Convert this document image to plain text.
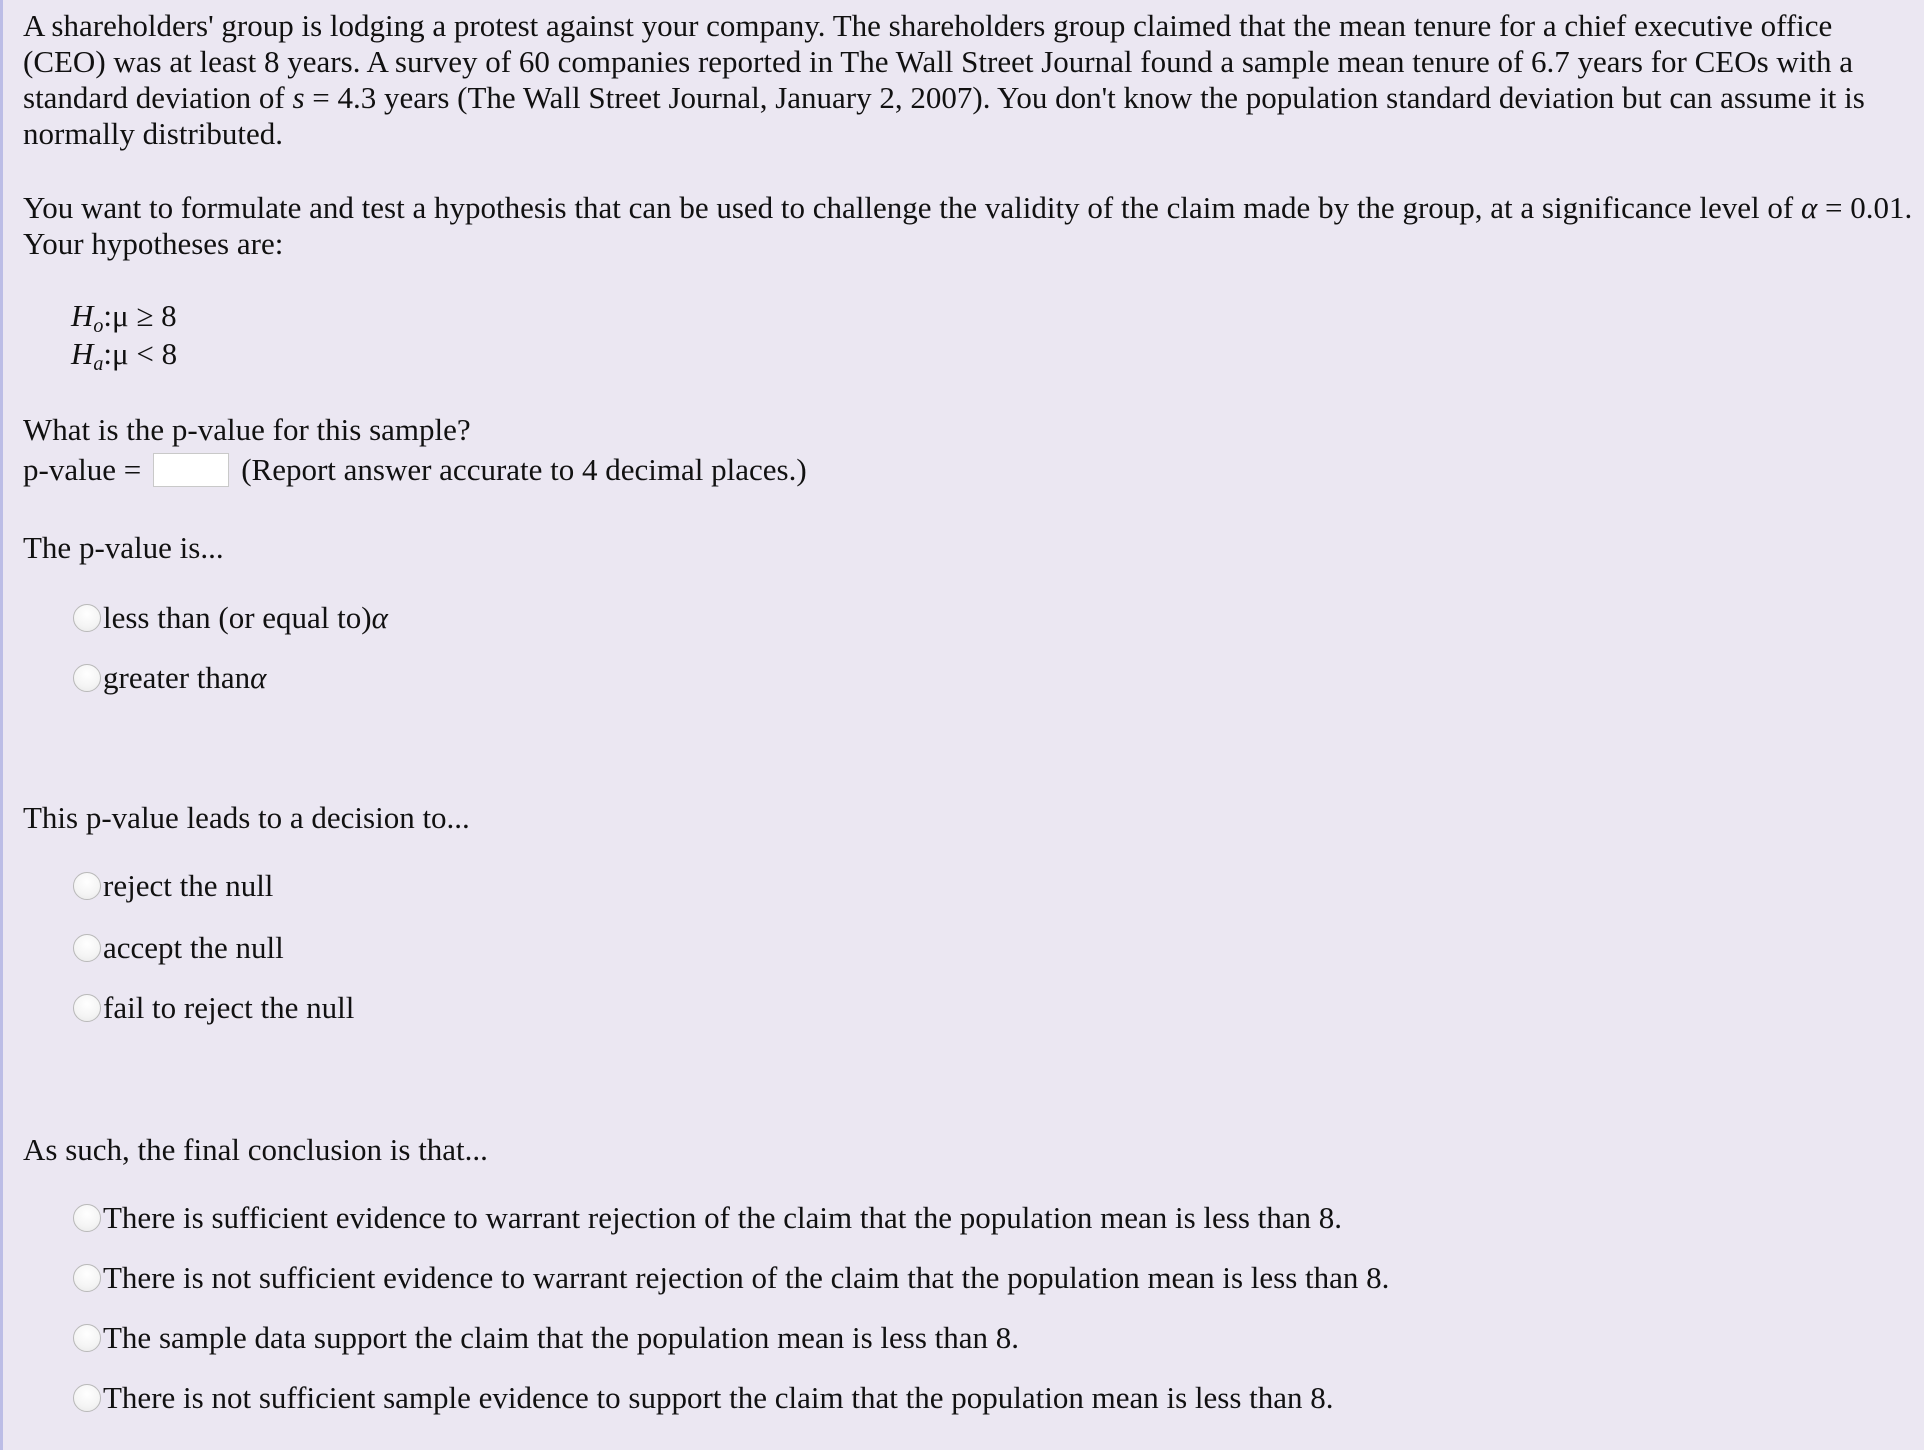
A shareholders' group is lodging a protest against your company. The shareholders group claimed that the mean tenure for a chief executive office (CEO) was at least 8 years. A survey of 60 companies reported in The Wall Street Journal found a sample mean tenure of 6.7 years for CEOs with a standard deviation of s = 4.3 years (The Wall Street Journal, January 2, 2007). You don't know the population standard deviation but can assume it is normally distributed.
You want to formulate and test a hypothesis that can be used to challenge the validity of the claim made by the group, at a significance level of α = 0.01. Your hypotheses are:
Ho:μ ≥ 8
Ha:μ < 8
What is the p-value for this sample?
p-value =	(Report answer accurate to 4 decimal places.)
The p-value is...
less than (or equal to) α
greater than α
This p-value leads to a decision to...
reject the null
accept the null
fail to reject the null
As such, the final conclusion is that...
There is sufficient evidence to warrant rejection of the claim that the population mean is less than 8.
There is not sufficient evidence to warrant rejection of the claim that the population mean is less than 8.
The sample data support the claim that the population mean is less than 8.
There is not sufficient sample evidence to support the claim that the population mean is less than 8.
